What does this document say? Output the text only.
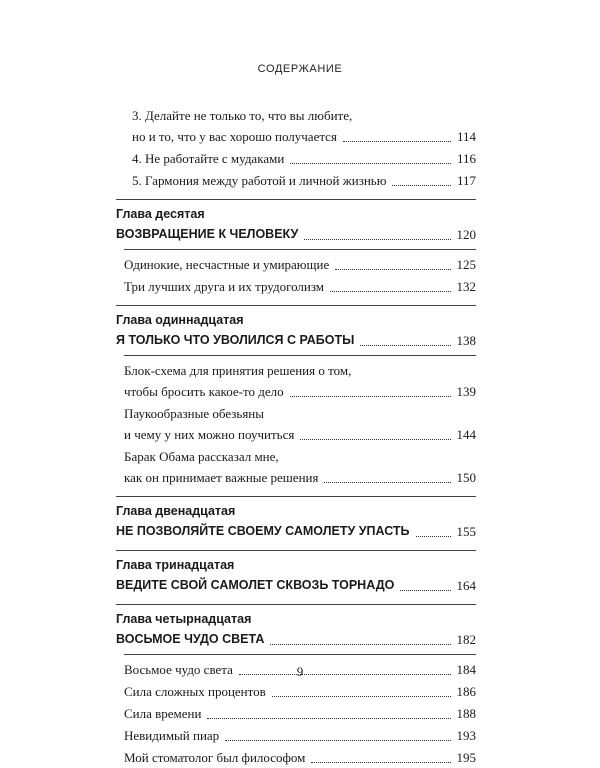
СОДЕРЖАНИЕ
3. Делайте не только то, что вы любите,
но и то, что у вас хорошо получается	114
4. Не работайте с мудаками	116
5. Гармония между работой и личной жизнью	117
Глава десятая
ВОЗВРАЩЕНИЕ К ЧЕЛОВЕКУ	120
Одинокие, несчастные и умирающие	125
Три лучших друга и их трудоголизм	132
Глава одиннадцатая
Я ТОЛЬКО ЧТО УВОЛИЛСЯ С РАБОТЫ	138
Блок-схема для принятия решения о том,
чтобы бросить какое-то дело	139
Паукообразные обезьяны
и чему у них можно поучиться	144
Барак Обама рассказал мне,
как он принимает важные решения	150
Глава двенадцатая
НЕ ПОЗВОЛЯЙТЕ СВОЕМУ САМОЛЕТУ УПАСТЬ	155
Глава тринадцатая
ВЕДИТЕ СВОЙ САМОЛЕТ СКВОЗЬ ТОРНАДО	164
Глава четырнадцатая
ВОСЬМОЕ ЧУДО СВЕТА	182
Восьмое чудо света	184
Сила сложных процентов	186
Сила времени	188
Невидимый пиар	193
Мой стоматолог был философом	195
9
